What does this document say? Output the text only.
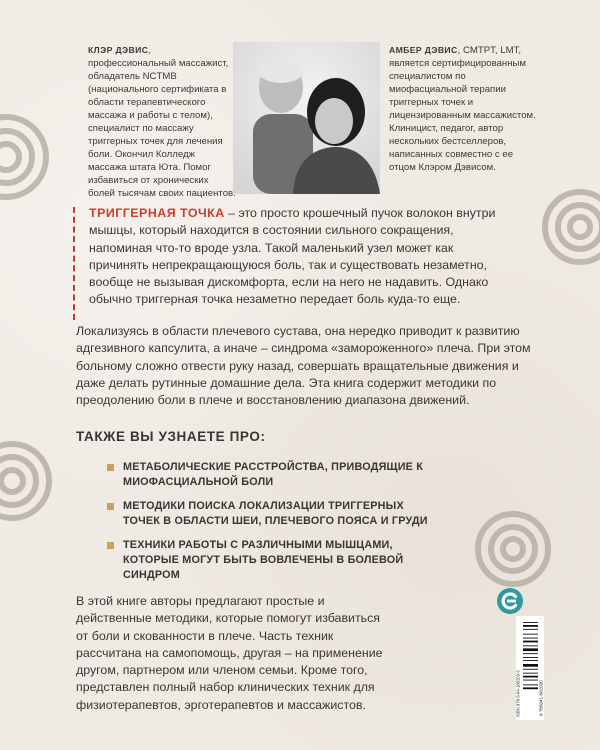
КЛЭР ДЭВИС, профессиональный массажист, обладатель NCTMB (национального сертификата в области терапевтического массажа и работы с телом), специалист по массажу триггерных точек для лечения боли. Окончил Колледж массажа штата Юта. Помог избавиться от хронических болей тысячам своих пациентов.
АМБЕР ДЭВИС, CMTPT, LMT, является сертифицированным специалистом по миофасциальной терапии триггерных точек и лицензированным массажистом. Клиницист, педагог, автор нескольких бестселлеров, написанных совместно с ее отцом Клэром Дэвисом.
ТРИГГЕРНАЯ ТОЧКА – это просто крошечный пучок волокон внутри мышцы, который находится в состоянии сильного сокращения, напоминая что-то вроде узла. Такой маленький узел может как причинять непрекращающуюся боль, так и существовать незаметно, вообще не вызывая дискомфорта, если на него не надавить. Однако обычно триггерная точка незаметно передает боль куда-то еще.
Локализуясь в области плечевого сустава, она нередко приводит к развитию адгезивного капсулита, а иначе – синдрома «замороженного» плеча. При этом больному сложно отвести руку назад, совершать вращательные движения и даже делать рутинные домашние дела. Эта книга содержит методики по преодолению боли в плече и восстановлению диапазона движений.
ТАКЖЕ ВЫ УЗНАЕТЕ ПРО:
МЕТАБОЛИЧЕСКИЕ РАССТРОЙСТВА, ПРИВОДЯЩИЕ К МИОФАСЦИАЛЬНОЙ БОЛИ
МЕТОДИКИ ПОИСКА ЛОКАЛИЗАЦИИ ТРИГГЕРНЫХ ТОЧЕК В ОБЛАСТИ ШЕИ, ПЛЕЧЕВОГО ПОЯСА И ГРУДИ
ТЕХНИКИ РАБОТЫ С РАЗЛИЧНЫМИ МЫШЦАМИ, КОТОРЫЕ МОГУТ БЫТЬ ВОВЛЕЧЕНЫ В БОЛЕВОЙ СИНДРОМ
В этой книге авторы предлагают простые и действенные методики, которые помогут избавиться от боли и скованности в плече. Часть техник рассчитана на самопомощь, другая – на применение другом, партнером или членом семьи. Кроме того, представлен полный набор клинических техник для физиотерапевтов, эрготерапевтов и массажистов.	ISBN 978-5-04-180203-5	9 785041 802035
